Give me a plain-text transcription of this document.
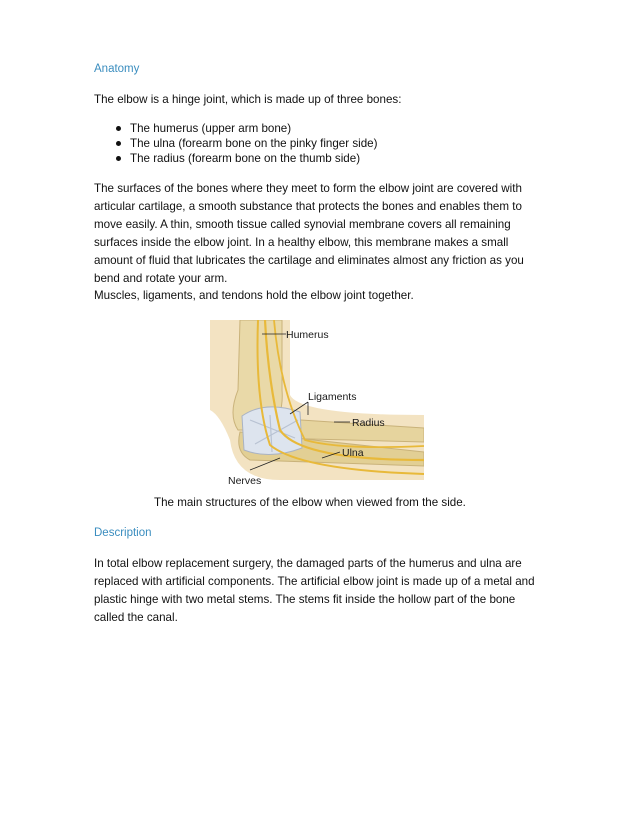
Anatomy

The elbow is a hinge joint, which is made up of three bones:

The humerus (upper arm bone)
The ulna (forearm bone on the pinky finger side)
The radius (forearm bone on the thumb side)
The surfaces of the bones where they meet to form the elbow joint are covered with
articular cartilage, a smooth substance that protects the bones and enables them to
move easily. A thin, smooth tissue called synovial membrane covers all remaining
surfaces inside the elbow joint. In a healthy elbow, this membrane makes a small
amount of fluid that lubricates the cartilage and eliminates almost any friction as you
bend and rotate your arm.

Muscles, ligaments, and tendons hold the elbow joint together.

Humerus
Ligaments
Radius
Ulna
Nerves

The main structures of the elbow when viewed from the side.

Description
In total elbow replacement surgery, the damaged parts of the humerus and ulna are
replaced with artificial components. The artificial elbow joint is made up of a metal and
plastic hinge with two metal stems. The stems fit inside the hollow part of the bone
called the canal.
